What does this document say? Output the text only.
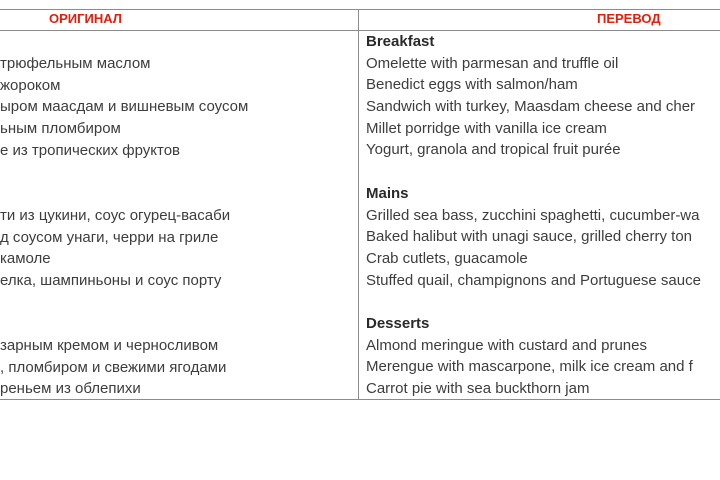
ОРИГИНАЛ	ПЕРЕВОД
трюфельным маслом
жороком
ыром маасдам и вишневым соусом
ьным пломбиром
е из тропических фруктов
ти из цукини, соус огурец-васаби
д соусом унаги, черри на гриле
камоле
елка, шампиньоны и соус порту
зарным кремом и черносливом
, пломбиром и свежими ягодами
реньем из облепихи
Breakfast
Omelette with parmesan and truffle oil
Benedict eggs with salmon/ham
Sandwich with turkey, Maasdam cheese and cher
Millet porridge with vanilla ice cream
Yogurt, granola and tropical fruit purée
Mains
Grilled sea bass, zucchini spaghetti, cucumber-wa
Baked halibut with unagi sauce, grilled cherry ton
Crab cutlets, guacamole
Stuffed quail, champignons and Portuguese sauce
Desserts
Almond meringue with custard and prunes
Merengue with mascarpone, milk ice cream and f
Carrot pie with sea buckthorn jam
